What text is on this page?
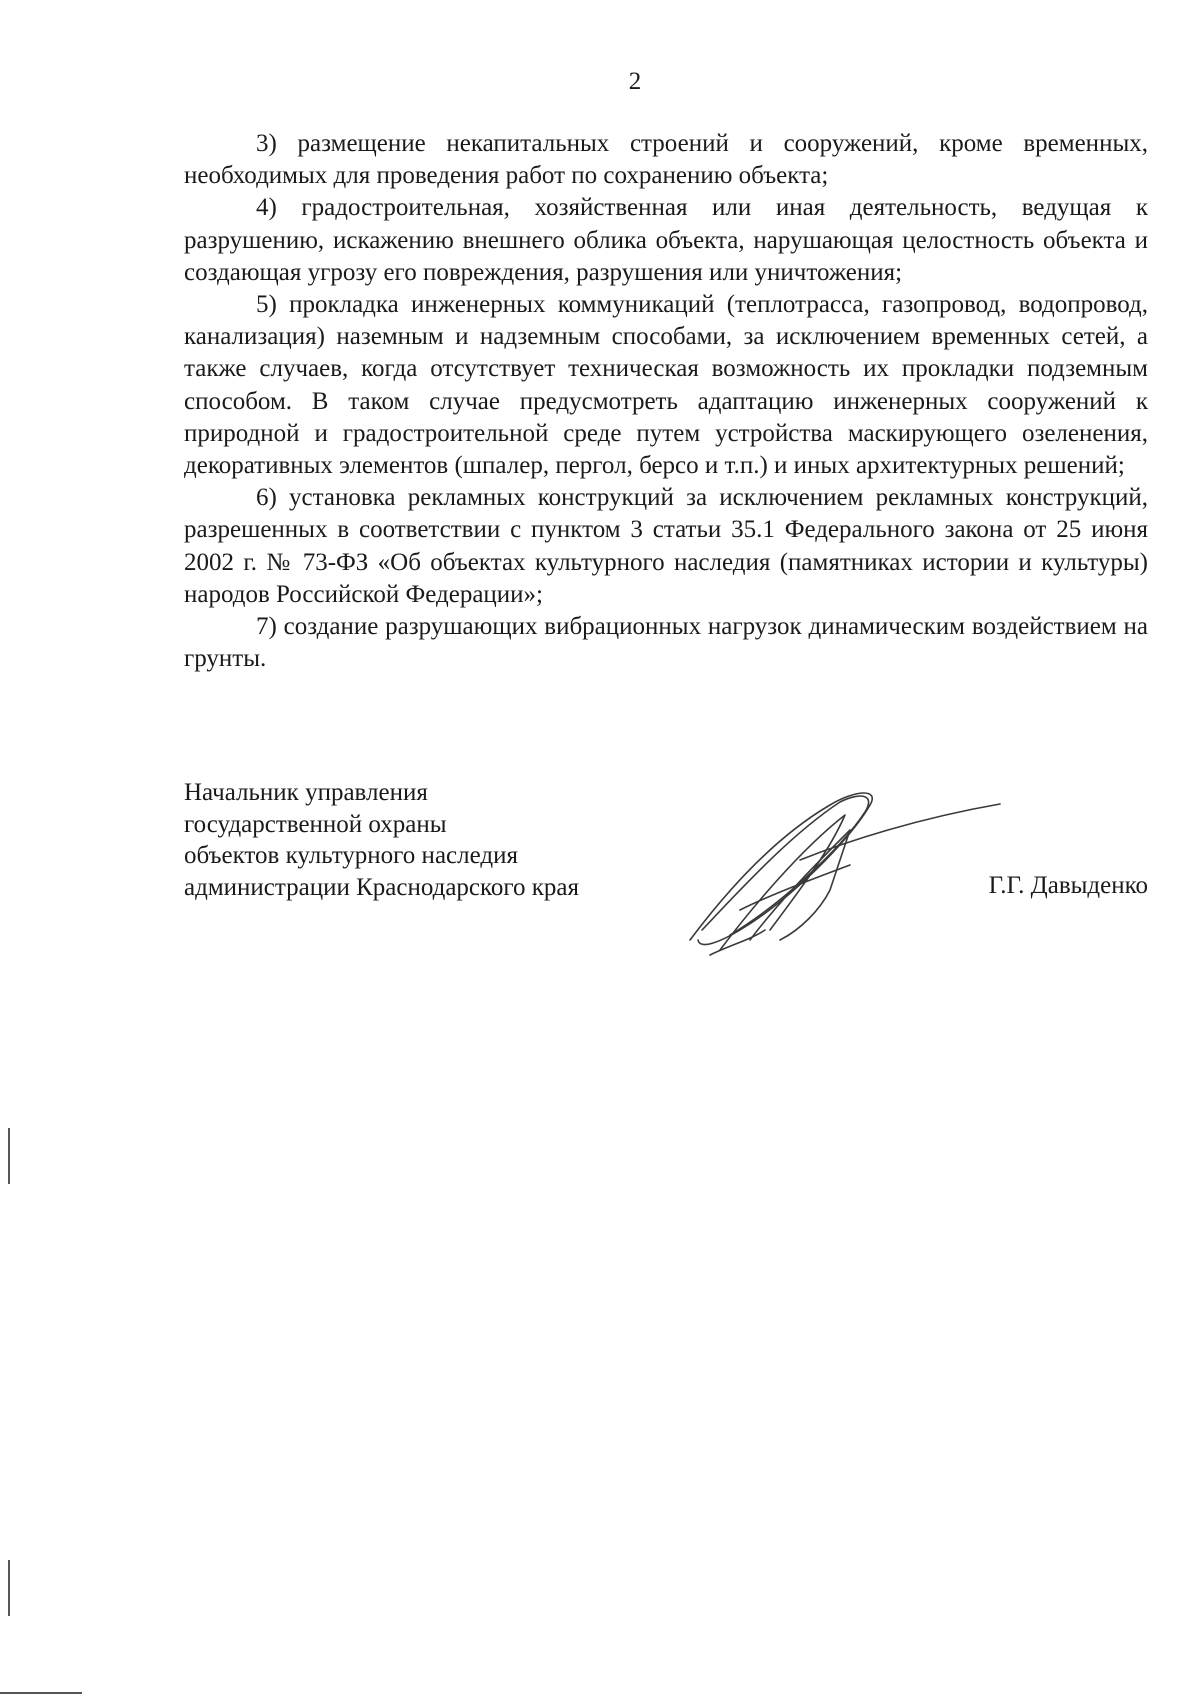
2

3) размещение некапитальных строений и сооружений, кроме временных, необходимых для проведения работ по сохранению объекта;

4) градостроительная, хозяйственная или иная деятельность, ведущая к разрушению, искажению внешнего облика объекта, нарушающая целостность объекта и создающая угрозу его повреждения, разрушения или уничтожения;

5) прокладка инженерных коммуникаций (теплотрасса, газопровод, водопровод, канализация) наземным и надземным способами, за исключением временных сетей, а также случаев, когда отсутствует техническая возможность их прокладки подземным способом. В таком случае предусмотреть адаптацию инженерных сооружений к природной и градостроительной среде путем устройства маскирующего озеленения, декоративных элементов (шпалер, пергол, берсо и т.п.) и иных архитектурных решений;

6) установка рекламных конструкций за исключением рекламных конструкций, разрешенных в соответствии с пунктом 3 статьи 35.1 Федерального закона от 25 июня 2002 г. № 73-ФЗ «Об объектах культурного наследия (памятниках истории и культуры) народов Российской Федерации»;

7) создание разрушающих вибрационных нагрузок динамическим воздействием на грунты.

Начальник управления
государственной охраны
объектов культурного наследия
администрации Краснодарского края	Г.Г. Давыденко
